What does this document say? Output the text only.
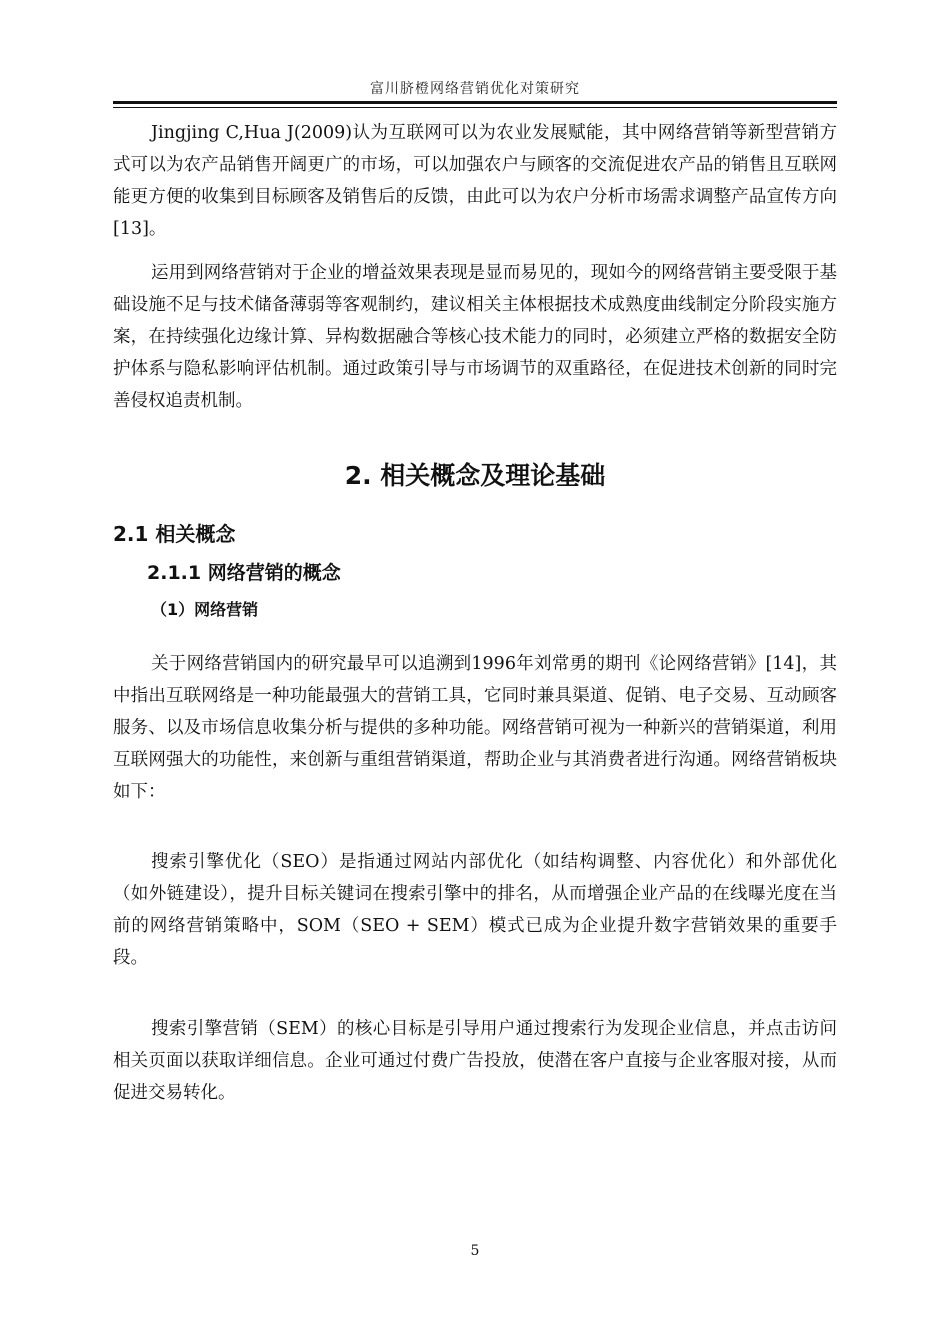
富川脐橙网络营销优化对策研究

Jingjing C,Hua J(2009)认为互联网可以为农业发展赋能，其中网络营销等新型营销方式可以为农产品销售开阔更广的市场，可以加强农户与顾客的交流促进农产品的销售且互联网能更方便的收集到目标顾客及销售后的反馈，由此可以为农户分析市场需求调整产品宣传方向[13]。

运用到网络营销对于企业的增益效果表现是显而易见的，现如今的网络营销主要受限于基础设施不足与技术储备薄弱等客观制约，建议相关主体根据技术成熟度曲线制定分阶段实施方案，在持续强化边缘计算、异构数据融合等核心技术能力的同时，必须建立严格的数据安全防护体系与隐私影响评估机制。通过政策引导与市场调节的双重路径，在促进技术创新的同时完善侵权追责机制。

2. 相关概念及理论基础
2.1 相关概念
2.1.1 网络营销的概念
（1）网络营销

关于网络营销国内的研究最早可以追溯到1996年刘常勇的期刊《论网络营销》[14]，其中指出互联网络是一种功能最强大的营销工具，它同时兼具渠道、促销、电子交易、互动顾客服务、以及市场信息收集分析与提供的多种功能。网络营销可视为一种新兴的营销渠道，利用互联网强大的功能性，来创新与重组营销渠道，帮助企业与其消费者进行沟通。网络营销板块如下：

搜索引擎优化（SEO）是指通过网站内部优化（如结构调整、内容优化）和外部优化（如外链建设），提升目标关键词在搜索引擎中的排名，从而增强企业产品的在线曝光度在当前的网络营销策略中，SOM（SEO + SEM）模式已成为企业提升数字营销效果的重要手段。

搜索引擎营销（SEM）的核心目标是引导用户通过搜索行为发现企业信息，并点击访问相关页面以获取详细信息。企业可通过付费广告投放，使潜在客户直接与企业客服对接，从而促进交易转化。

5
